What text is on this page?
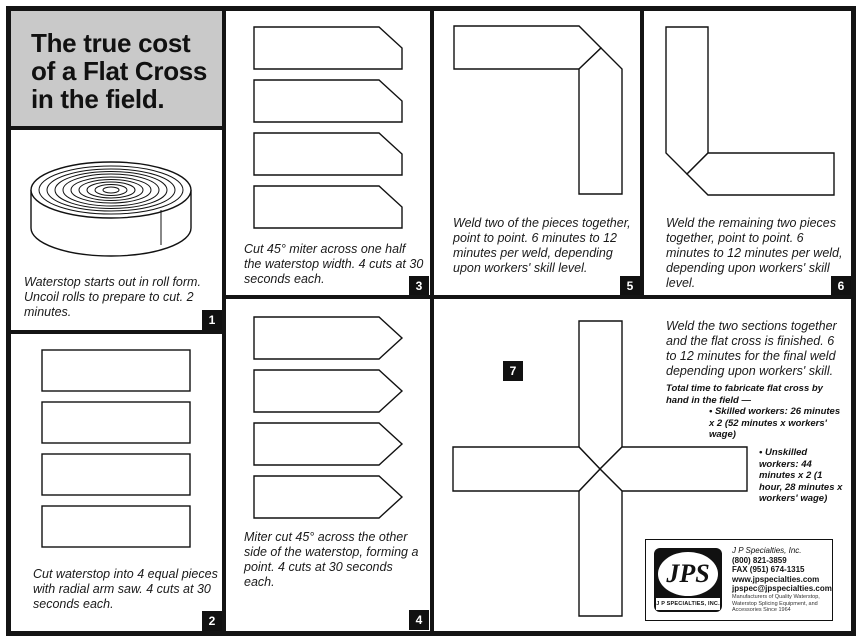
The true cost of a Flat Cross in the field.
Waterstop starts out in roll form. Uncoil rolls to prepare to cut. 2 minutes.
1
Cut waterstop into 4 equal pieces with radial arm saw. 4 cuts at 30 seconds each.
2
Cut 45° miter across one half the waterstop width. 4 cuts at 30 seconds each.	3
Miter cut 45° across the other side of the waterstop, forming a point. 4 cuts at 30 seconds each.
4
Weld two of the pieces together, point to point. 6 minutes to 12 minutes per weld, depending upon workers' skill level.
5
Weld the remaining two pieces together, point to point. 6 minutes to 12 minutes per weld, depending upon workers' skill level.	6
7
Weld the two sections together and the flat cross is finished. 6 to 12 minutes for the final weld depending upon workers' skill.
Total time to fabricate flat cross by hand in the field —
• Skilled workers: 26 minutes x 2 (52 minutes x workers' wage)
• Unskilled workers: 44 minutes x 2 (1 hour, 28 minutes x workers' wage)
JPS
J P SPECIALTIES, INC.
J P Specialties, Inc.
(800) 821-3859
FAX (951) 674-1315
www.jpspecialties.com
jpspec@jpspecialties.com
Manufacturers of Quality Waterstop, Waterstop Splicing Equipment, and Accessories Since 1964
